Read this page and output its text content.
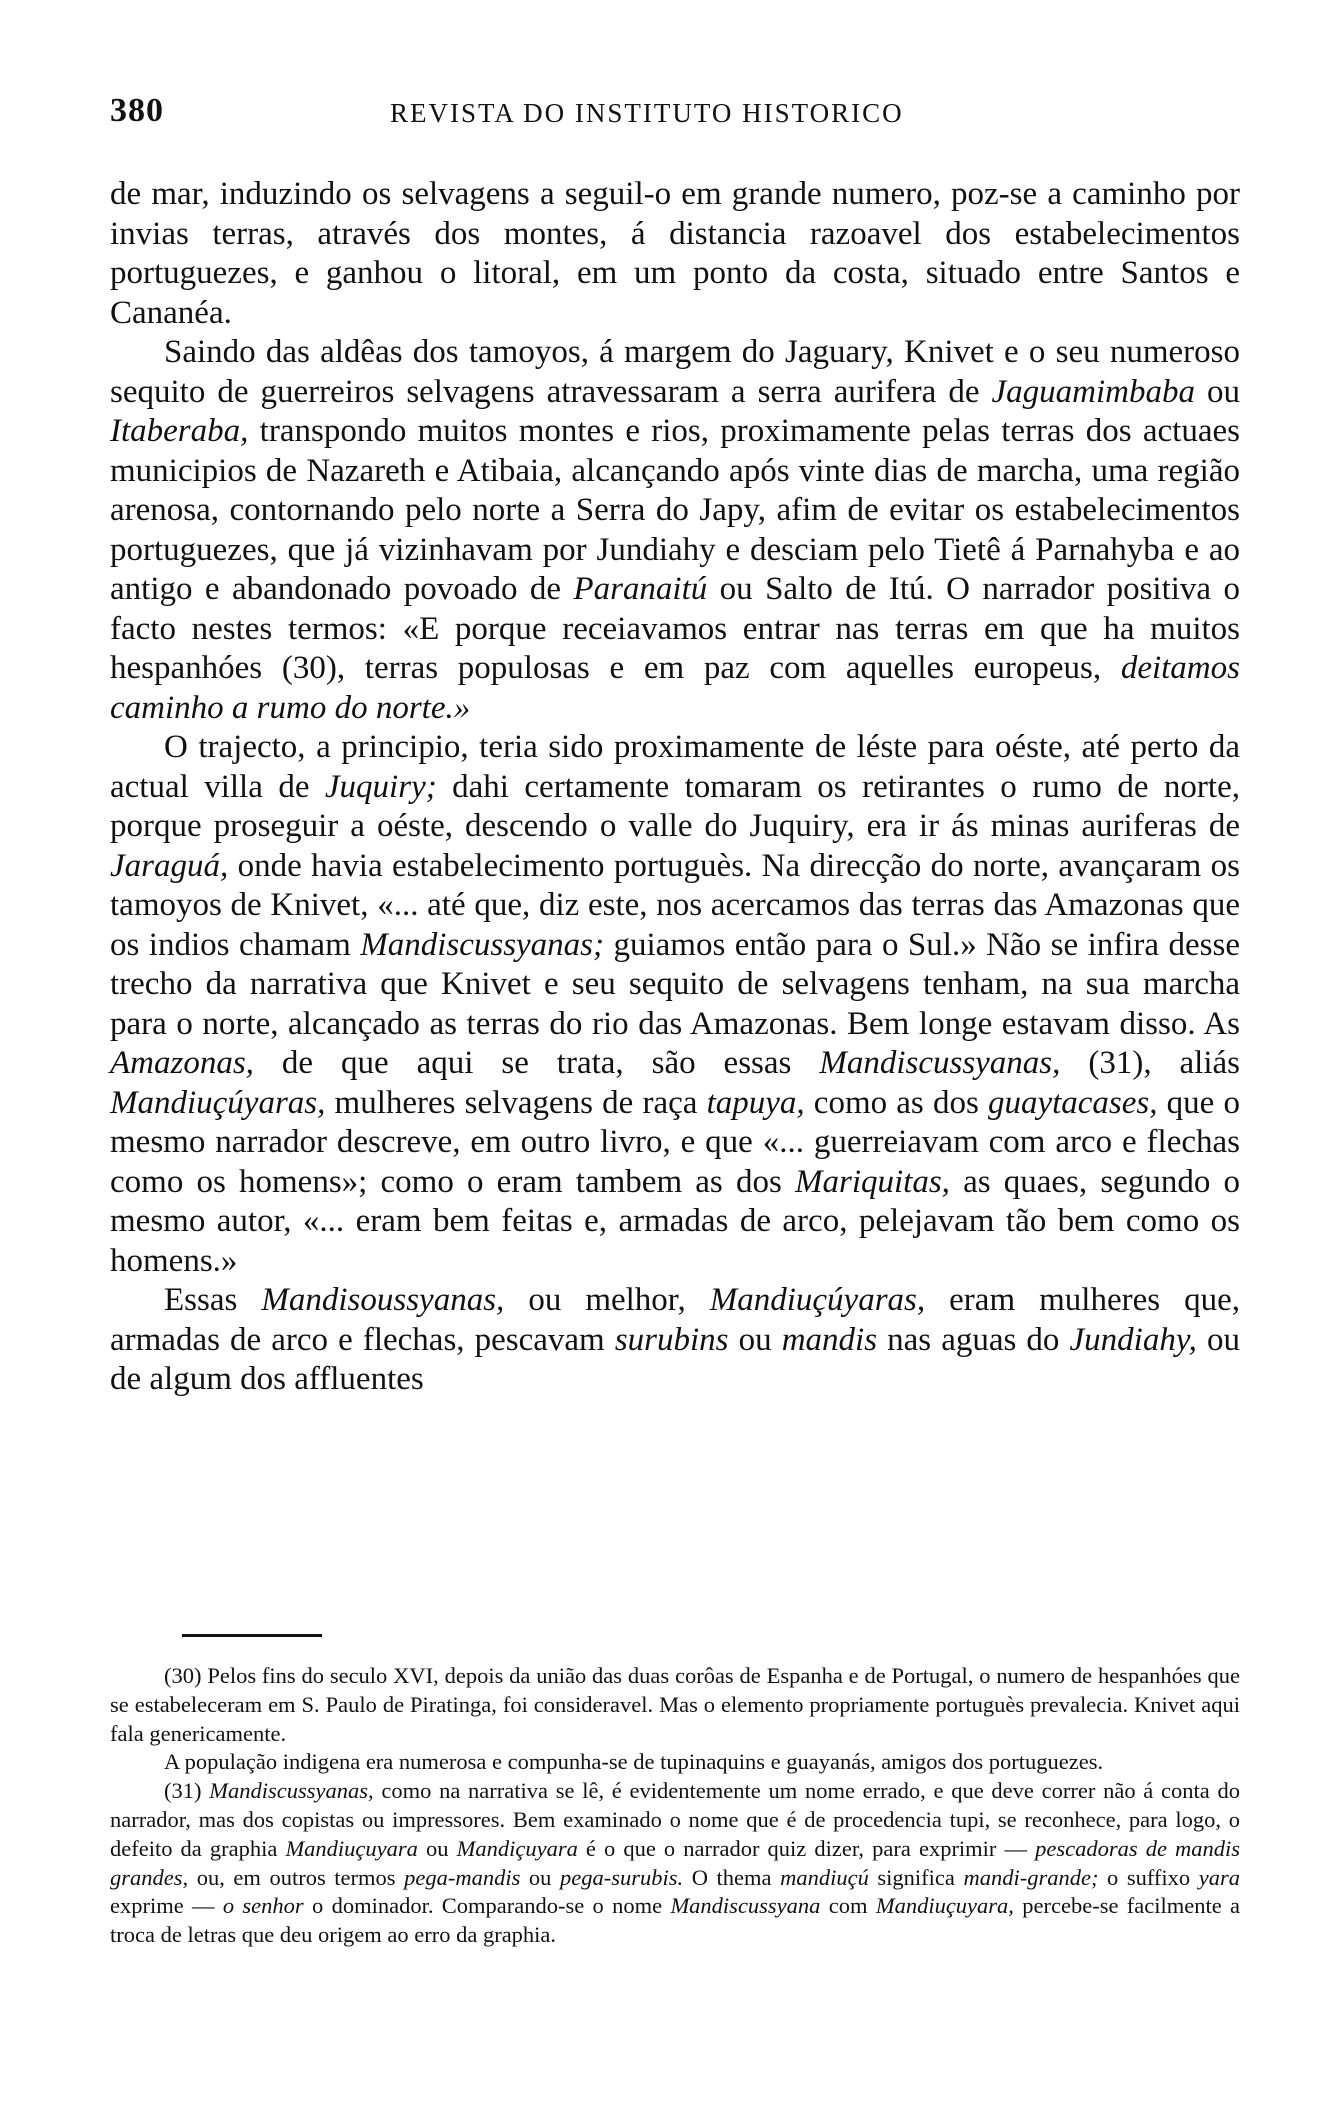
380	REVISTA DO INSTITUTO HISTORICO

de mar, induzindo os selvagens a seguil-o em grande numero, poz-se a caminho por invias terras, através dos montes, á distancia razoavel dos estabelecimentos portuguezes, e ganhou o litoral, em um ponto da costa, situado entre Santos e Cananéa.

Saindo das aldêas dos tamoyos, á margem do Jaguary, Knivet e o seu numeroso sequito de guerreiros selvagens atravessaram a serra aurifera de Jaguamimbaba ou Itaberaba, transpondo muitos montes e rios, proximamente pelas terras dos actuaes municipios de Nazareth e Atibaia, alcançando após vinte dias de marcha, uma região arenosa, contornando pelo norte a Serra do Japy, afim de evitar os estabelecimentos portuguezes, que já vizinhavam por Jundiahy e desciam pelo Tietê á Parnahyba e ao antigo e abandonado povoado de Paranaitú ou Salto de Itú. O narrador positiva o facto nestes termos: «E porque receiavamos entrar nas terras em que ha muitos hespanhóes (30), terras populosas e em paz com aquelles europeus, deitamos caminho a rumo do norte.»

O trajecto, a principio, teria sido proximamente de léste para oéste, até perto da actual villa de Juquiry; dahi certamente tomaram os retirantes o rumo de norte, porque proseguir a oéste, descendo o valle do Juquiry, era ir ás minas auriferas de Jaraguá, onde havia estabelecimento portuguès. Na direcção do norte, avançaram os tamoyos de Knivet, «... até que, diz este, nos acercamos das terras das Amazonas que os indios chamam Mandiscussyanas; guiamos então para o Sul.» Não se infira desse trecho da narrativa que Knivet e seu sequito de selvagens tenham, na sua marcha para o norte, alcançado as terras do rio das Amazonas. Bem longe estavam disso. As Amazonas, de que aqui se trata, são essas Mandiscussyanas, (31), aliás Mandiuçúyaras, mulheres selvagens de raça tapuya, como as dos guaytacases, que o mesmo narrador descreve, em outro livro, e que «... guerreiavam com arco e flechas como os homens»; como o eram tambem as dos Mariquitas, as quaes, segundo o mesmo autor, «... eram bem feitas e, armadas de arco, pelejavam tão bem como os homens.»

Essas Mandisoussyanas, ou melhor, Mandiuçúyaras, eram mulheres que, armadas de arco e flechas, pescavam surubins ou mandis nas aguas do Jundiahy, ou de algum dos affluentes

(30) Pelos fins do seculo XVI, depois da união das duas corôas de Espanha e de Portugal, o numero de hespanhóes que se estabeleceram em S. Paulo de Piratinga, foi consideravel. Mas o elemento propriamente portuguès prevalecia. Knivet aqui fala genericamente.

A população indigena era numerosa e compunha-se de tupinaquins e guayanás, amigos dos portuguezes.

(31) Mandiscussyanas, como na narrativa se lê, é evidentemente um nome errado, e que deve correr não á conta do narrador, mas dos copistas ou impressores. Bem examinado o nome que é de procedencia tupi, se reconhece, para logo, o defeito da graphia Mandiuçuyara ou Mandiçuyara é o que o narrador quiz dizer, para exprimir — pescadoras de mandis grandes, ou, em outros termos pega-mandis ou pega-surubis. O thema mandiuçú significa mandi-grande; o suffixo yara exprime — o senhor o dominador. Comparando-se o nome Mandiscussyana com Mandiuçuyara, percebe-se facilmente a troca de letras que deu origem ao erro da graphia.
